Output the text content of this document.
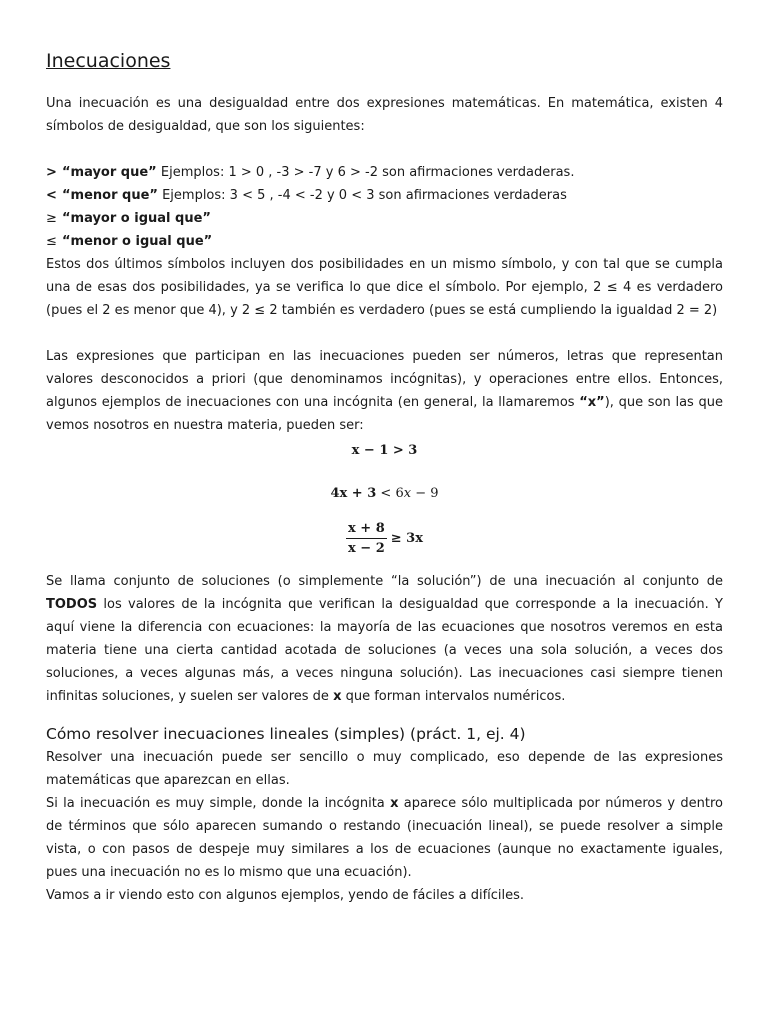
Inecuaciones

Una inecuación es una desigualdad entre dos expresiones matemáticas. En matemática, existen 4 símbolos de desigualdad, que son los siguientes:

> “mayor que” Ejemplos: 1 > 0 , -3 > -7 y 6 > -2 son afirmaciones verdaderas.
< “menor que” Ejemplos: 3 < 5 , -4 < -2 y 0 < 3 son afirmaciones verdaderas
≥ “mayor o igual que”
≤ “menor o igual que”

Estos dos últimos símbolos incluyen dos posibilidades en un mismo símbolo, y con tal que se cumpla una de esas dos posibilidades, ya se verifica lo que dice el símbolo. Por ejemplo, 2 ≤ 4 es verdadero (pues el 2 es menor que 4), y 2 ≤ 2 también es verdadero (pues se está cumpliendo la igualdad 2 = 2)

Las expresiones que participan en las inecuaciones pueden ser números, letras que representan valores desconocidos a priori (que denominamos incógnitas), y operaciones entre ellos. Entonces, algunos ejemplos de inecuaciones con una incógnita (en general, la llamaremos “x”), que son las que vemos nosotros en nuestra materia, pueden ser:

x − 1 > 3
4x + 3 < 6x − 9
$\frac{x + 8}{x - 2} \ge 3x$

Se llama conjunto de soluciones (o simplemente “la solución”) de una inecuación al conjunto de TODOS los valores de la incógnita que verifican la desigualdad que corresponde a la inecuación. Y aquí viene la diferencia con ecuaciones: la mayoría de las ecuaciones que nosotros veremos en esta materia tiene una cierta cantidad acotada de soluciones (a veces una sola solución, a veces dos soluciones, a veces algunas más, a veces ninguna solución). Las inecuaciones casi siempre tienen infinitas soluciones, y suelen ser valores de x que forman intervalos numéricos.

Cómo resolver inecuaciones lineales (simples) (práct. 1, ej. 4)

Resolver una inecuación puede ser sencillo o muy complicado, eso depende de las expresiones matemáticas que aparezcan en ellas.

Si la inecuación es muy simple, donde la incógnita x aparece sólo multiplicada por números y dentro de términos que sólo aparecen sumando o restando (inecuación lineal), se puede resolver a simple vista, o con pasos de despeje muy similares a los de ecuaciones (aunque no exactamente iguales, pues una inecuación no es lo mismo que una ecuación).

Vamos a ir viendo esto con algunos ejemplos, yendo de fáciles a difíciles.
